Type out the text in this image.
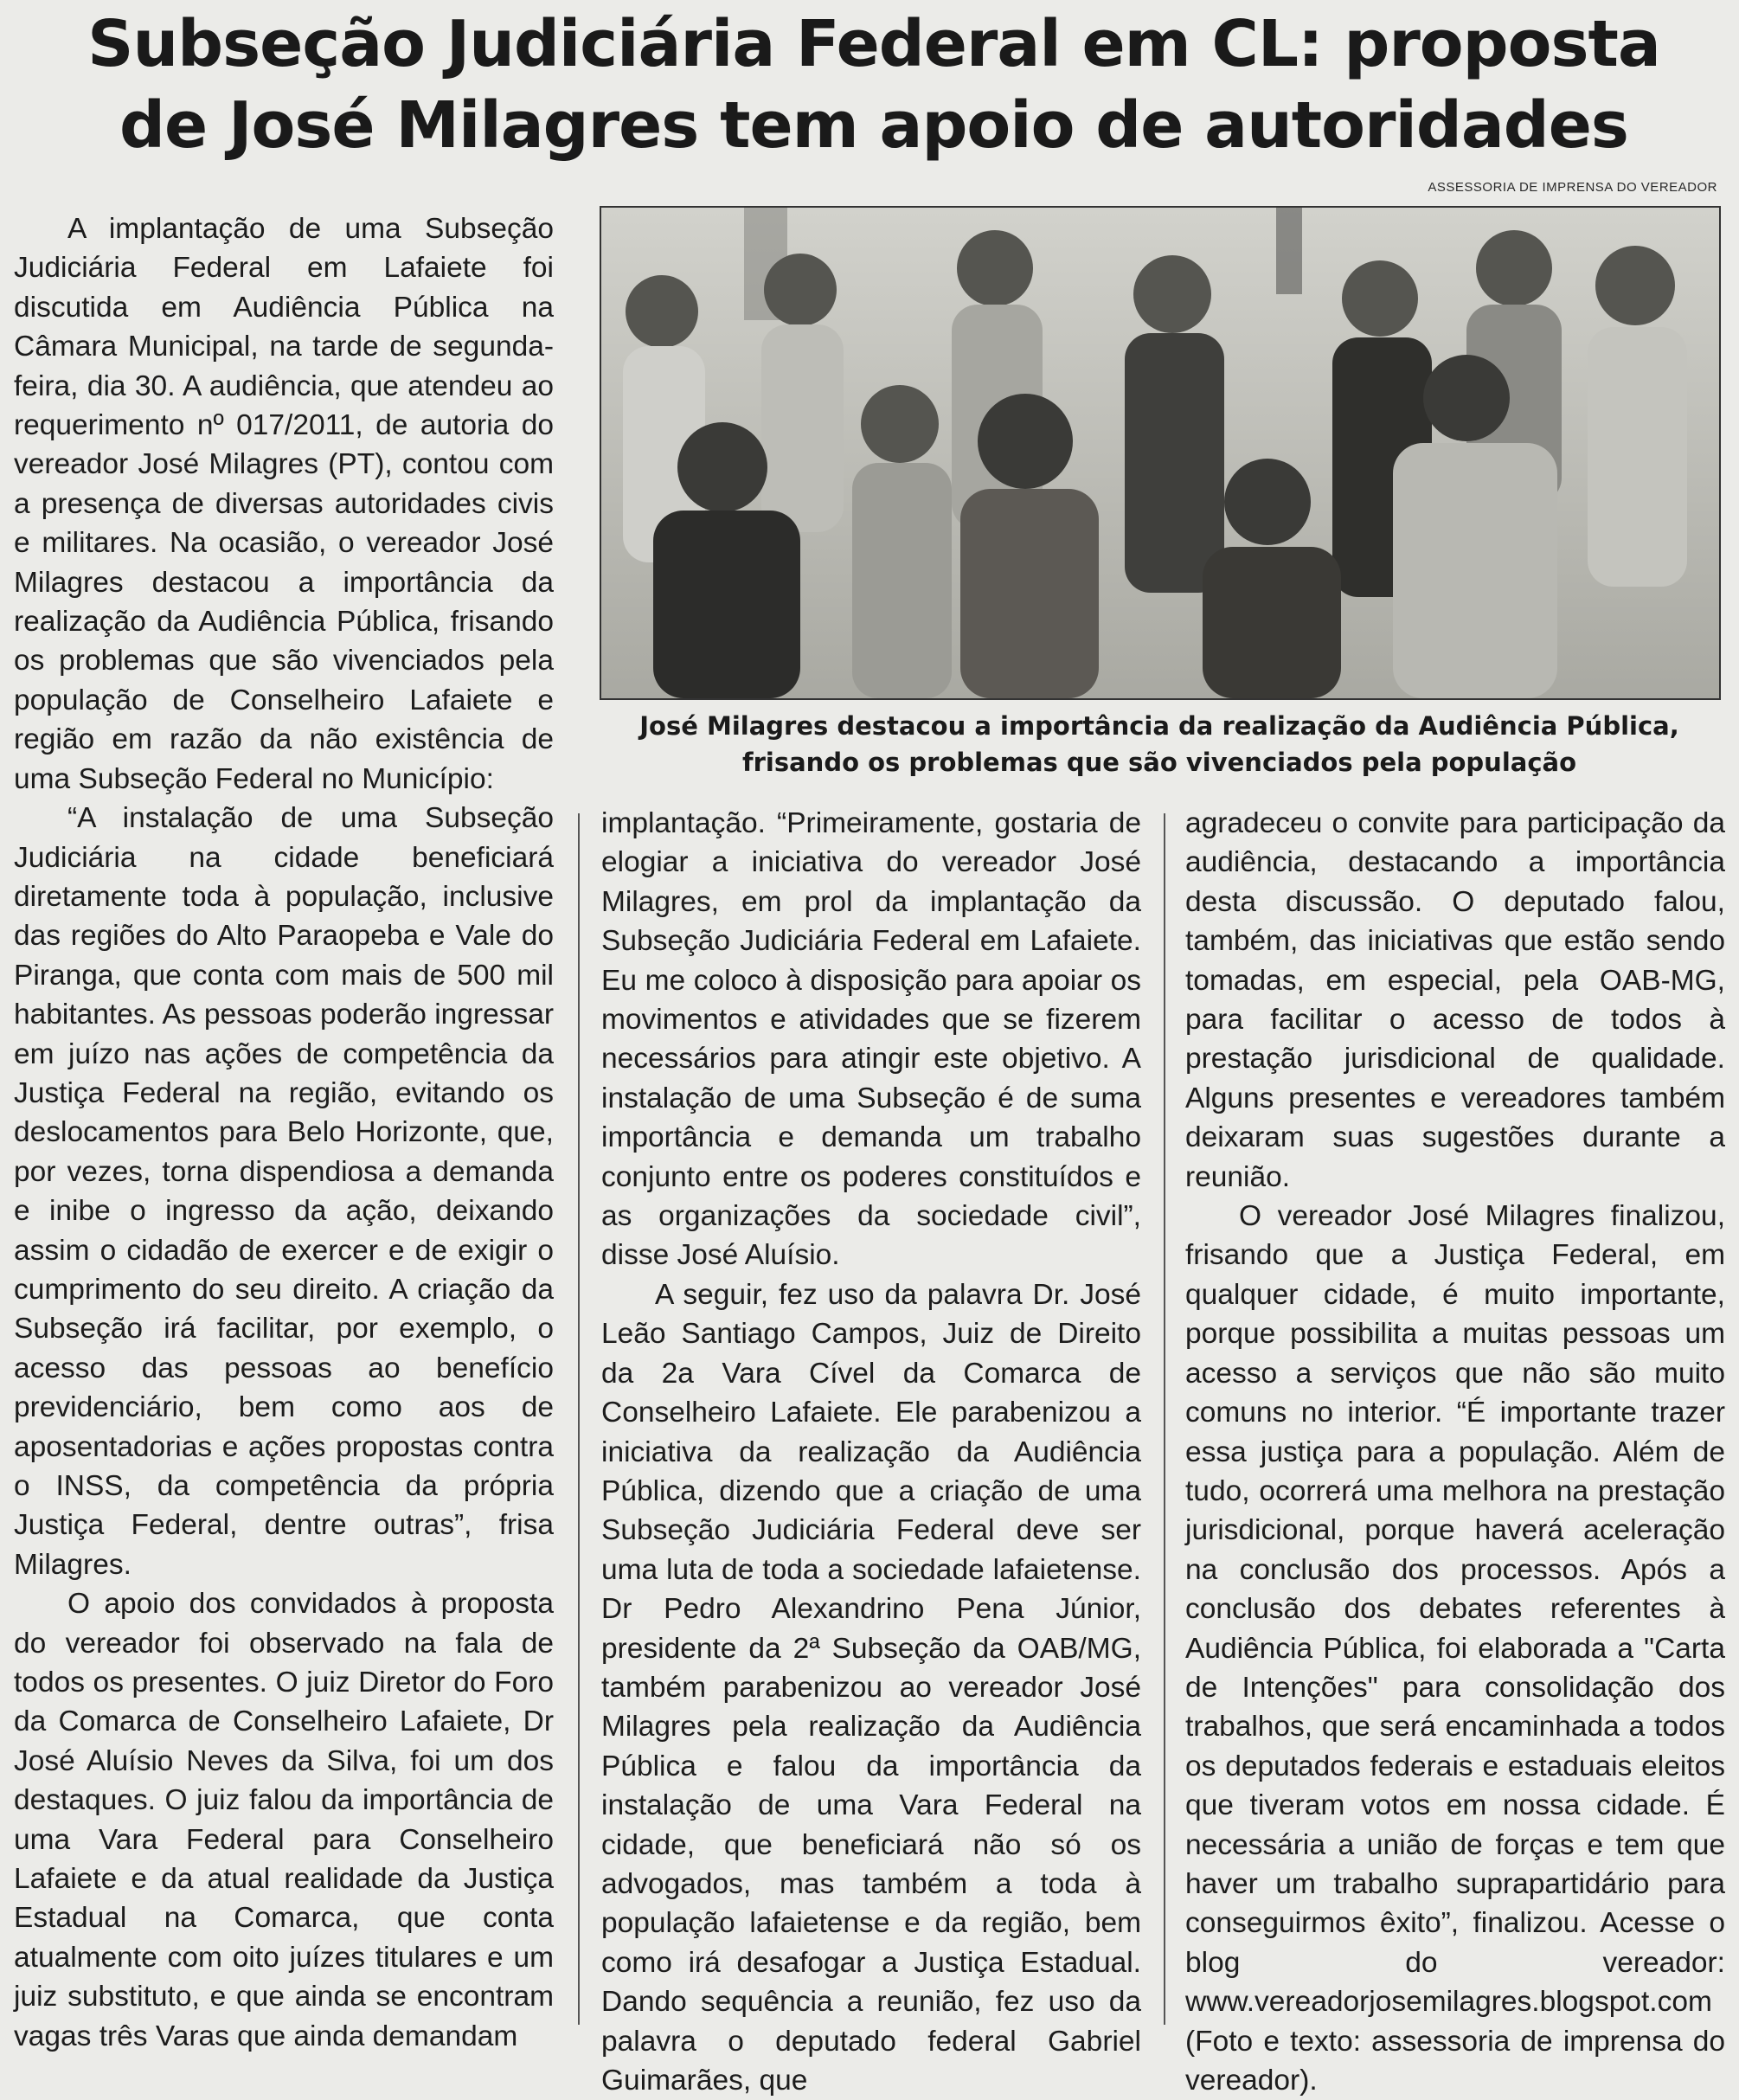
Subseção Judiciária Federal em CL: proposta
de José Milagres tem apoio de autoridades
ASSESSORIA DE IMPRENSA DO VEREADOR

A implantação de uma Subseção Judiciária Federal em Lafaiete foi discutida em Audiência Pública na Câmara Municipal, na tarde de segunda-feira, dia 30. A audiência, que atendeu ao requerimento nº 017/2011, de autoria do vereador José Milagres (PT), contou com a presença de diversas autoridades civis e militares. Na ocasião, o vereador José Milagres destacou a importância da realização da Audiência Pública, frisando os problemas que são vivenciados pela população de Conselheiro Lafaiete e região em razão da não existência de uma Subseção Federal no Município:

“A instalação de uma Subseção Judiciária na cidade beneficiará diretamente toda à população, inclusive das regiões do Alto Paraopeba e Vale do Piranga, que conta com mais de 500 mil habitantes. As pessoas poderão ingressar em juízo nas ações de competência da Justiça Federal na região, evitando os deslocamentos para Belo Horizonte, que, por vezes, torna dispendiosa a demanda e inibe o ingresso da ação, deixando assim o cidadão de exercer e de exigir o cumprimento do seu direito. A criação da Subseção irá facilitar, por exemplo, o acesso das pessoas ao benefício previdenciário, bem como aos de aposentadorias e ações propostas contra o INSS, da competência da própria Justiça Federal, dentre outras”, frisa Milagres.

O apoio dos convidados à proposta do vereador foi observado na fala de todos os presentes. O juiz Diretor do Foro da Comarca de Conselheiro Lafaiete, Dr José Aluísio Neves da Silva, foi um dos destaques. O juiz falou da importância de uma Vara Federal para Conselheiro Lafaiete e da atual realidade da Justiça Estadual na Comarca, que conta atualmente com oito juízes titulares e um juiz substituto, e que ainda se encontram vagas três Varas que ainda demandam

José Milagres destacou a importância da realização da Audiência Pública,
frisando os problemas que são vivenciados pela população

implantação. “Primeiramente, gostaria de elogiar a iniciativa do vereador José Milagres, em prol da implantação da Subseção Judiciária Federal em Lafaiete. Eu me coloco à disposição para apoiar os movimentos e atividades que se fizerem necessários para atingir este objetivo. A instalação de uma Subseção é de suma importância e demanda um trabalho conjunto entre os poderes constituídos e as organizações da sociedade civil”, disse José Aluísio.

A seguir, fez uso da palavra Dr. José Leão Santiago Campos, Juiz de Direito da 2a Vara Cível da Comarca de Conselheiro Lafaiete. Ele parabenizou a iniciativa da realização da Audiência Pública, dizendo que a criação de uma Subseção Judiciária Federal deve ser uma luta de toda a sociedade lafaietense. Dr Pedro Alexandrino Pena Júnior, presidente da 2ª Subseção da OAB/MG, também parabenizou ao vereador José Milagres pela realização da Audiência Pública e falou da importância da instalação de uma Vara Federal na cidade, que beneficiará não só os advogados, mas também a toda à população lafaietense e da região, bem como irá desafogar a Justiça Estadual. Dando sequência a reunião, fez uso da palavra o deputado federal Gabriel Guimarães, que

agradeceu o convite para participação da audiência, destacando a importância desta discussão. O deputado falou, também, das iniciativas que estão sendo tomadas, em especial, pela OAB-MG, para facilitar o acesso de todos à prestação jurisdicional de qualidade. Alguns presentes e vereadores também deixaram suas sugestões durante a reunião.

O vereador José Milagres finalizou, frisando que a Justiça Federal, em qualquer cidade, é muito importante, porque possibilita a muitas pessoas um acesso a serviços que não são muito comuns no interior. “É importante trazer essa justiça para a população. Além de tudo, ocorrerá uma melhora na prestação jurisdicional, porque haverá aceleração na conclusão dos processos. Após a conclusão dos debates referentes à Audiência Pública, foi elaborada a "Carta de Intenções" para consolidação dos trabalhos, que será encaminhada a todos os deputados federais e estaduais eleitos que tiveram votos em nossa cidade. É necessária a união de forças e tem que haver um trabalho suprapartidário para conseguirmos êxito”, finalizou. Acesse o blog do vereador: www.vereadorjosemilagres.blogspot.com (Foto e texto: assessoria de imprensa do vereador).
